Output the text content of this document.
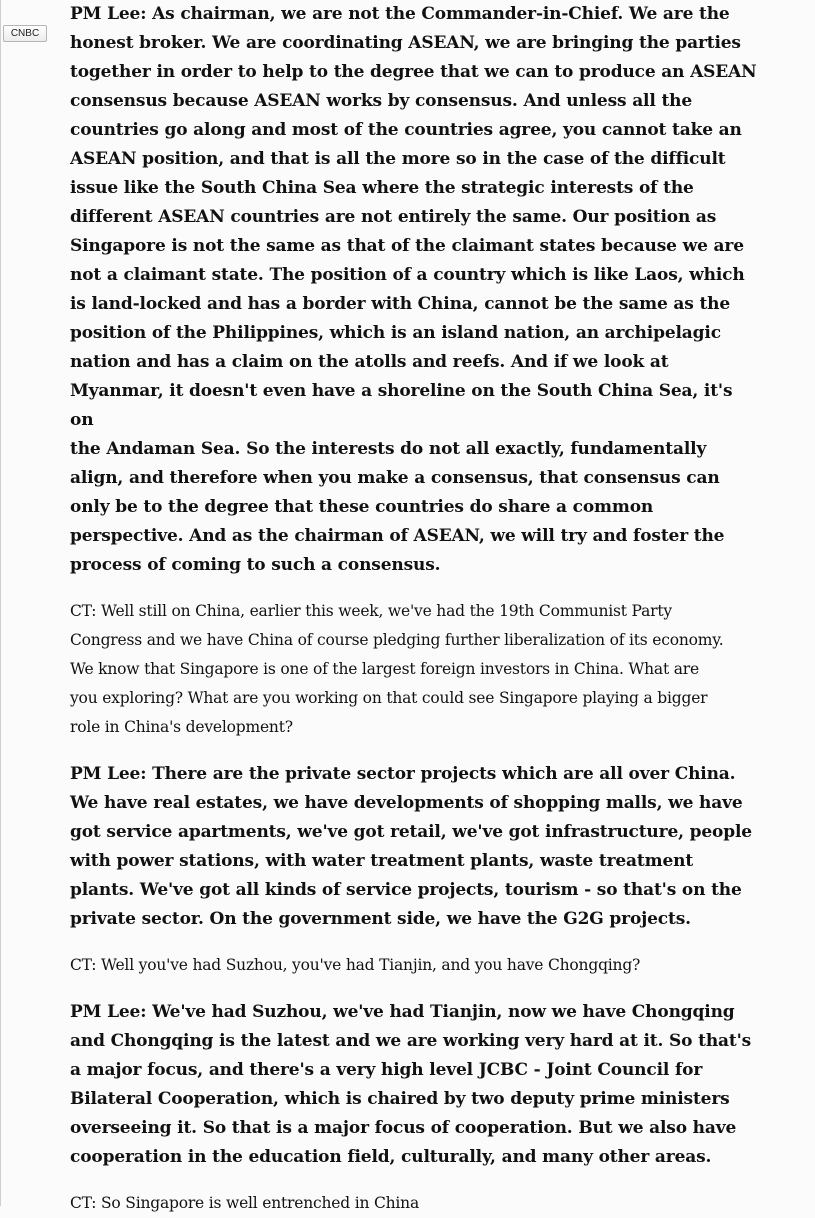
CNBC

PM Lee: As chairman, we are not the Commander-in-Chief. We are the
honest broker. We are coordinating ASEAN, we are bringing the parties
together in order to help to the degree that we can to produce an ASEAN
consensus because ASEAN works by consensus. And unless all the
countries go along and most of the countries agree, you cannot take an
ASEAN position, and that is all the more so in the case of the difficult
issue like the South China Sea where the strategic interests of the
different ASEAN countries are not entirely the same. Our position as
Singapore is not the same as that of the claimant states because we are
not a claimant state. The position of a country which is like Laos, which
is land-locked and has a border with China, cannot be the same as the
position of the Philippines, which is an island nation, an archipelagic
nation and has a claim on the atolls and reefs. And if we look at
Myanmar, it doesn't even have a shoreline on the South China Sea, it's on
the Andaman Sea. So the interests do not all exactly, fundamentally
align, and therefore when you make a consensus, that consensus can
only be to the degree that these countries do share a common
perspective. And as the chairman of ASEAN, we will try and foster the
process of coming to such a consensus.

CT: Well still on China, earlier this week, we've had the 19th Communist Party
Congress and we have China of course pledging further liberalization of its economy.
We know that Singapore is one of the largest foreign investors in China. What are
you exploring? What are you working on that could see Singapore playing a bigger
role in China's development?

PM Lee: There are the private sector projects which are all over China.
We have real estates, we have developments of shopping malls, we have
got service apartments, we've got retail, we've got infrastructure, people
with power stations, with water treatment plants, waste treatment
plants. We've got all kinds of service projects, tourism - so that's on the
private sector. On the government side, we have the G2G projects.

CT: Well you've had Suzhou, you've had Tianjin, and you have Chongqing?

PM Lee: We've had Suzhou, we've had Tianjin, now we have Chongqing
and Chongqing is the latest and we are working very hard at it. So that's
a major focus, and there's a very high level JCBC - Joint Council for
Bilateral Cooperation, which is chaired by two deputy prime ministers
overseeing it. So that is a major focus of cooperation. But we also have
cooperation in the education field, culturally, and many other areas.

CT: So Singapore is well entrenched in China
